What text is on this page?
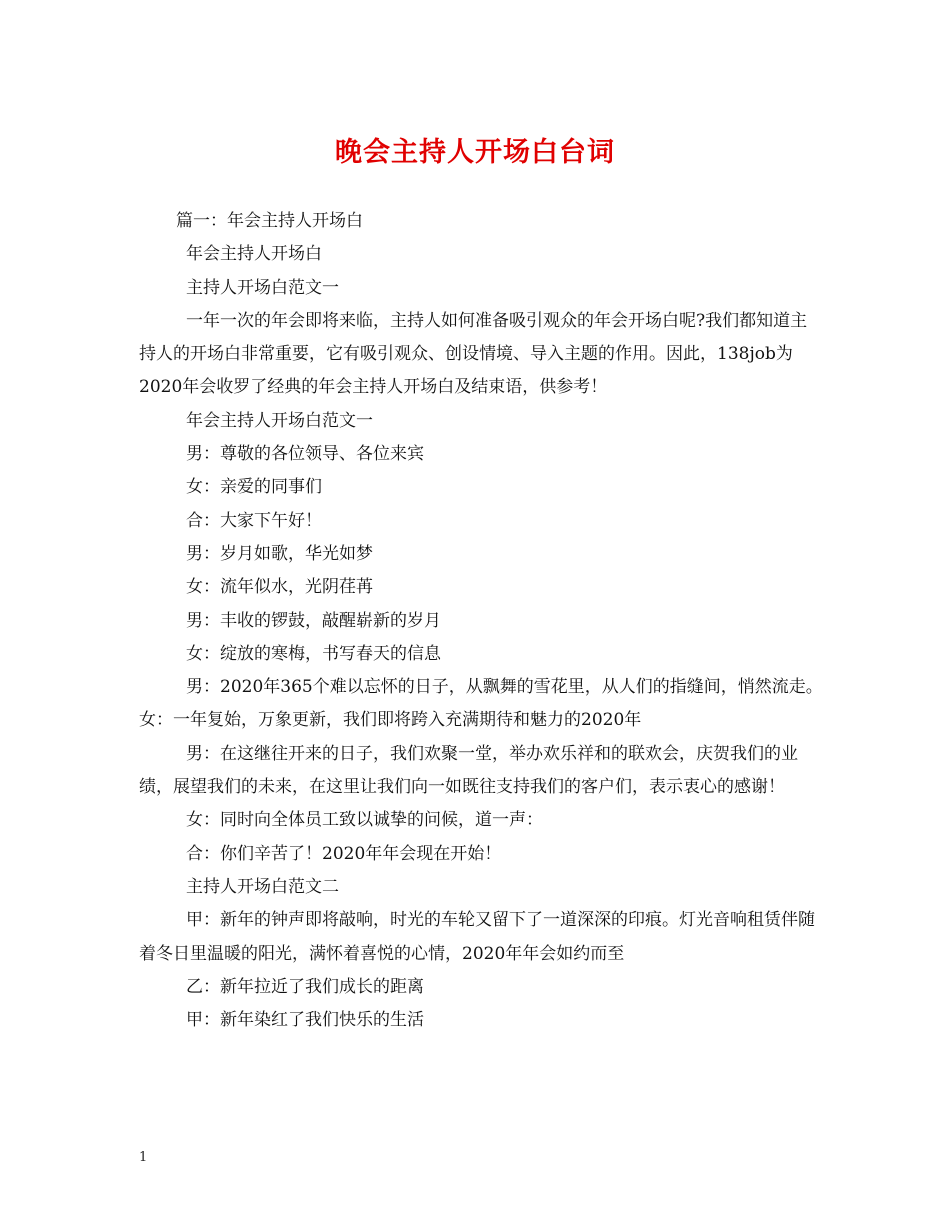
晚会主持人开场白台词

篇一：年会主持人开场白

年会主持人开场白

主持人开场白范文一

一年一次的年会即将来临，主持人如何准备吸引观众的年会开场白呢?我们都知道主持人的开场白非常重要，它有吸引观众、创设情境、导入主题的作用。因此，138job为2020年会收罗了经典的年会主持人开场白及结束语，供参考！

年会主持人开场白范文一

男：尊敬的各位领导、各位来宾

女：亲爱的同事们

合：大家下午好！

男：岁月如歌，华光如梦

女：流年似水，光阴荏苒

男：丰收的锣鼓，敲醒崭新的岁月

女：绽放的寒梅，书写春天的信息

男：2020年365个难以忘怀的日子，从飘舞的雪花里，从人们的指缝间，悄然流走。　女：一年复始，万象更新，我们即将跨入充满期待和魅力的2020年

男：在这继往开来的日子，我们欢聚一堂，举办欢乐祥和的联欢会，庆贺我们的业绩，展望我们的未来，在这里让我们向一如既往支持我们的客户们，表示衷心的感谢！

女：同时向全体员工致以诚挚的问候，道一声：

合：你们辛苦了！2020年年会现在开始！

主持人开场白范文二

甲：新年的钟声即将敲响，时光的车轮又留下了一道深深的印痕。灯光音响租赁伴随着冬日里温暖的阳光，满怀着喜悦的心情，2020年年会如约而至

乙：新年拉近了我们成长的距离

甲：新年染红了我们快乐的生活

1
